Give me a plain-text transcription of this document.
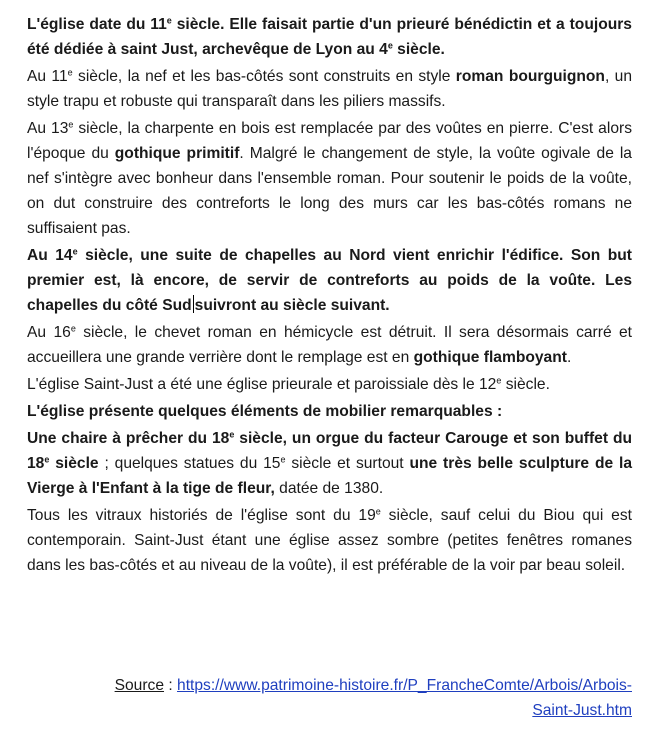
L'église date du 11e siècle. Elle faisait partie d'un prieuré bénédictin et a toujours été dédiée à saint Just, archevêque de Lyon au 4e siècle.

Au 11e siècle, la nef et les bas-côtés sont construits en style roman bourguignon, un style trapu et robuste qui transparaît dans les piliers massifs.

Au 13e siècle, la charpente en bois est remplacée par des voûtes en pierre. C'est alors l'époque du gothique primitif. Malgré le changement de style, la voûte ogivale de la nef s'intègre avec bonheur dans l'ensemble roman. Pour soutenir le poids de la voûte, on dut construire des contreforts le long des murs car les bas-côtés romans ne suffisaient pas.

Au 14e siècle, une suite de chapelles au Nord vient enrichir l'édifice. Son but premier est, là encore, de servir de contreforts au poids de la voûte. Les chapelles du côté Sud suivront au siècle suivant.

Au 16e siècle, le chevet roman en hémicycle est détruit. Il sera désormais carré et accueillera une grande verrière dont le remplage est en gothique flamboyant.

L'église Saint-Just a été une église prieurale et paroissiale dès le 12e siècle.

L'église présente quelques éléments de mobilier remarquables :

Une chaire à prêcher du 18e siècle, un orgue du facteur Carouge et son buffet du 18e siècle ; quelques statues du 15e siècle et surtout une très belle sculpture de la Vierge à l'Enfant à la tige de fleur, datée de 1380.

Tous les vitraux historiés de l'église sont du 19e siècle, sauf celui du Biou qui est contemporain. Saint-Just étant une église assez sombre (petites fenêtres romanes dans les bas-côtés et au niveau de la voûte), il est préférable de la voir par beau soleil.

Source : https://www.patrimoine-histoire.fr/P_FrancheComte/Arbois/Arbois-Saint-Just.htm
